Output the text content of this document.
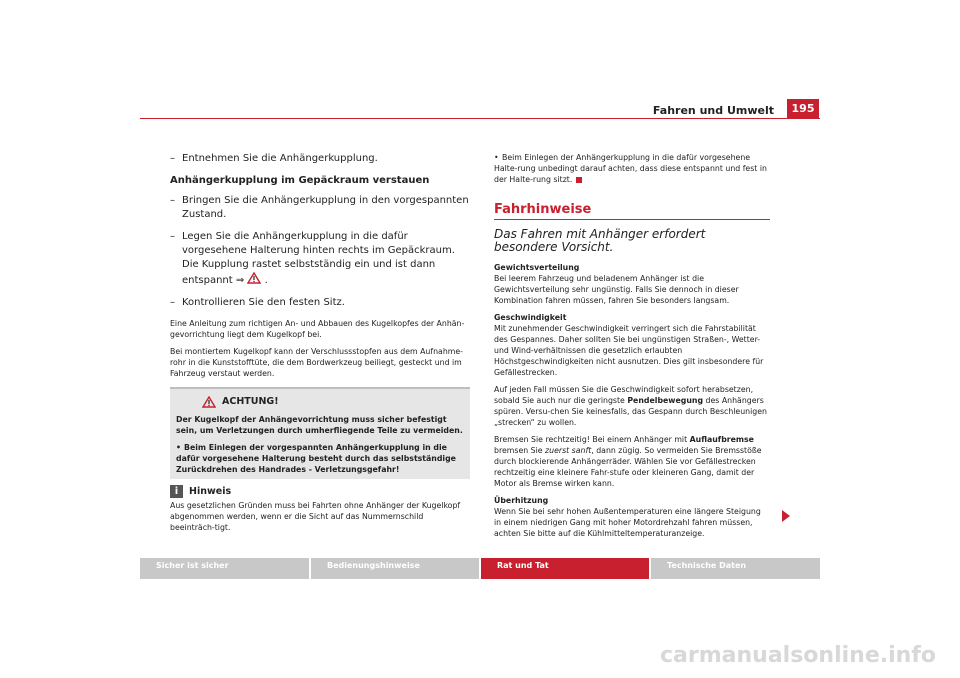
Fahren und Umwelt	195
– Entnehmen Sie die Anhängerkupplung.
Anhängerkupplung im Gepäckraum verstauen
– Bringen Sie die Anhängerkupplung in den vorgespannten Zustand.
– Legen Sie die Anhängerkupplung in die dafür vorgesehene Halterung hinten rechts im Gepäckraum. Die Kupplung rastet selbstständig ein und ist dann entspannt ⇒ .
– Kontrollieren Sie den festen Sitz.

Eine Anleitung zum richtigen An- und Abbauen des Kugelkopfes der Anhän-gevorrichtung liegt dem Kugelkopf bei.

Bei montiertem Kugelkopf kann der Verschlussstopfen aus dem Aufnahme-rohr in die Kunststofftüte, die dem Bordwerkzeug beiliegt, gesteckt und im Fahrzeug verstaut werden.

ACHTUNG!

Der Kugelkopf der Anhängevorrichtung muss sicher befestigt sein, um Verletzungen durch umherfliegende Teile zu vermeiden.

• Beim Einlegen der vorgespannten Anhängerkupplung in die dafür vorgesehene Halterung besteht durch das selbstständige Zurückdrehen des Handrades - Verletzungsgefahr!

i	Hinweis

Aus gesetzlichen Gründen muss bei Fahrten ohne Anhänger der Kugelkopf abgenommen werden, wenn er die Sicht auf das Nummernschild beeinträch-tigt.

• Beim Einlegen der Anhängerkupplung in die dafür vorgesehene Halte-rung unbedingt darauf achten, dass diese entspannt und fest in der Halte-rung sitzt.

Fahrhinweise
Das Fahren mit Anhänger erfordert besondere Vorsicht.
Gewichtsverteilung

Bei leerem Fahrzeug und beladenem Anhänger ist die Gewichtsverteilung sehr ungünstig. Falls Sie dennoch in dieser Kombination fahren müssen, fahren Sie besonders langsam.

Geschwindigkeit

Mit zunehmender Geschwindigkeit verringert sich die Fahrstabilität des Gespannes. Daher sollten Sie bei ungünstigen Straßen-, Wetter- und Wind-verhältnissen die gesetzlich erlaubten Höchstgeschwindigkeiten nicht ausnutzen. Dies gilt insbesondere für Gefällestrecken.

Auf jeden Fall müssen Sie die Geschwindigkeit sofort herabsetzen, sobald Sie auch nur die geringste Pendelbewegung des Anhängers spüren. Versu-chen Sie keinesfalls, das Gespann durch Beschleunigen „strecken“ zu wollen.

Bremsen Sie rechtzeitig! Bei einem Anhänger mit Auflaufbremse bremsen Sie zuerst sanft, dann zügig. So vermeiden Sie Bremsstöße durch blockierende Anhängerräder. Wählen Sie vor Gefällestrecken rechtzeitig eine kleinere Fahr-stufe oder kleineren Gang, damit der Motor als Bremse wirken kann.

Überhitzung

Wenn Sie bei sehr hohen Außentemperaturen eine längere Steigung in einem niedrigen Gang mit hoher Motordrehzahl fahren müssen, achten Sie bitte auf die Kühlmitteltemperaturanzeige.

Sicher ist sicher	Bedienungshinweise	Rat und Tat	Technische Daten
carmanualsonline.info
